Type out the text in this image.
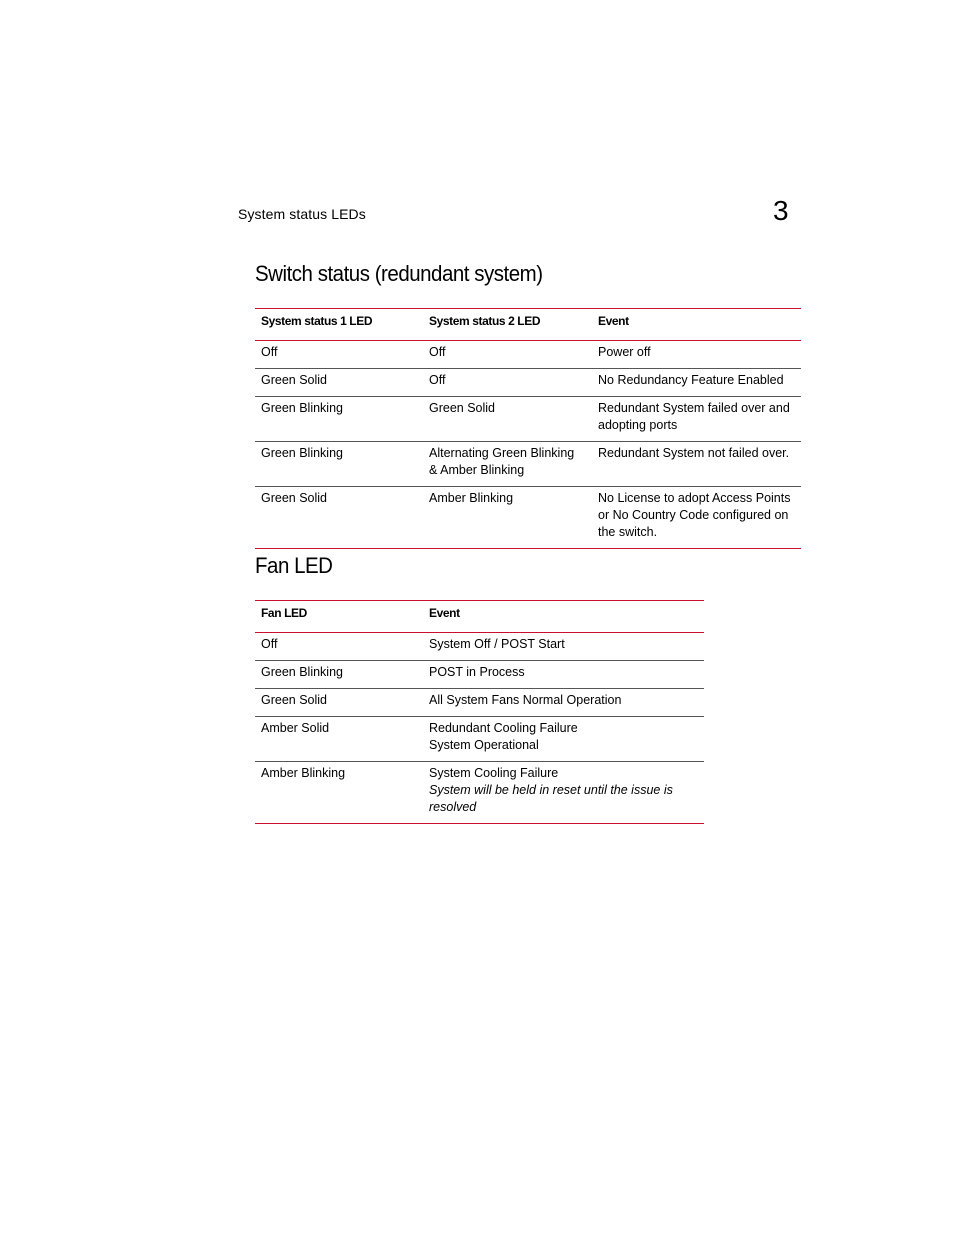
System status LEDs	3
Switch status (redundant system)
System status 1 LED	System status 2 LED	Event
Off	Off	Power off
Green Solid	Off	No Redundancy Feature Enabled
Green Blinking	Green Solid	Redundant System failed over and adopting ports
Green Blinking	Alternating Green Blinking & Amber Blinking	Redundant System not failed over.
Green Solid	Amber Blinking	No License to adopt Access Points or No Country Code configured on the switch.
Fan LED
Fan LED	Event
Off	System Off / POST Start
Green Blinking	POST in Process
Green Solid	All System Fans Normal Operation
Amber Solid	Redundant Cooling Failure
System Operational

Amber Blinking	System Cooling Failure
System will be held in reset until the issue is resolved
